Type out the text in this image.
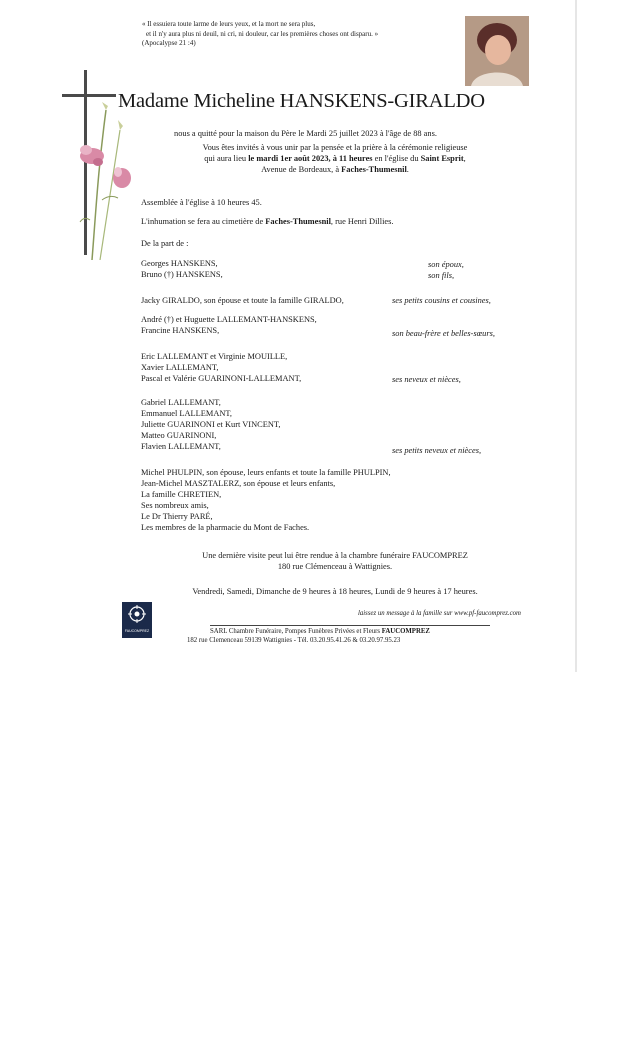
« Il essuiera toute larme de leurs yeux, et la mort ne sera plus,
et il n'y aura plus ni deuil, ni cri, ni douleur, car les premières choses ont disparu. »
(Apocalypse 21 :4)
Madame Micheline HANSKENS-GIRALDO
nous a quitté pour la maison du Père le Mardi 25 juillet 2023 à l'âge de 88 ans.
Vous êtes invités à vous unir par la pensée et la prière à la cérémonie religieuse
qui aura lieu le mardi 1er août 2023, à 11 heures en l'église du Saint Esprit,
Avenue de Bordeaux, à Faches-Thumesnil.
Assemblée à l'église à 10 heures 45.
L'inhumation se fera au cimetière de Faches-Thumesnil, rue Henri Dillies.
De la part de :
Georges HANSKENS,	son époux,
Bruno (†) HANSKENS,	son fils,
Jacky GIRALDO, son épouse et toute la famille GIRALDO,	ses petits cousins et cousines,
André (†) et Huguette LALLEMANT-HANSKENS,
Francine HANSKENS,	son beau-frère et belles-sœurs,
Eric LALLEMANT et Virginie MOUILLE,
Xavier LALLEMANT,
Pascal et Valérie GUARINONI-LALLEMANT,	ses neveux et nièces,
Gabriel LALLEMANT,
Emmanuel LALLEMANT,
Juliette GUARINONI et Kurt VINCENT,
Matteo GUARINONI,
Flavien LALLEMANT,	ses petits neveux et nièces,
Michel PHULPIN, son épouse, leurs enfants et toute la famille PHULPIN,
Jean-Michel MASZTALERZ, son épouse et leurs enfants,
La famille CHRETIEN,
Ses nombreux amis,
Le Dr Thierry PARÉ,
Les membres de la pharmacie du Mont de Faches.
Une dernière visite peut lui être rendue à la chambre funéraire FAUCOMPREZ
180 rue Clémenceau à Wattignies.
Vendredi, Samedi, Dimanche de 9 heures à 18 heures, Lundi de 9 heures à 17 heures.
FAUCOMPREZ
laissez un message à la famille sur www.pf-faucomprez.com
SARL Chambre Funéraire, Pompes Funèbres Privées et Fleurs FAUCOMPREZ
182 rue Clemenceau 59139 Wattignies - Tél. 03.20.95.41.26 & 03.20.97.95.23
